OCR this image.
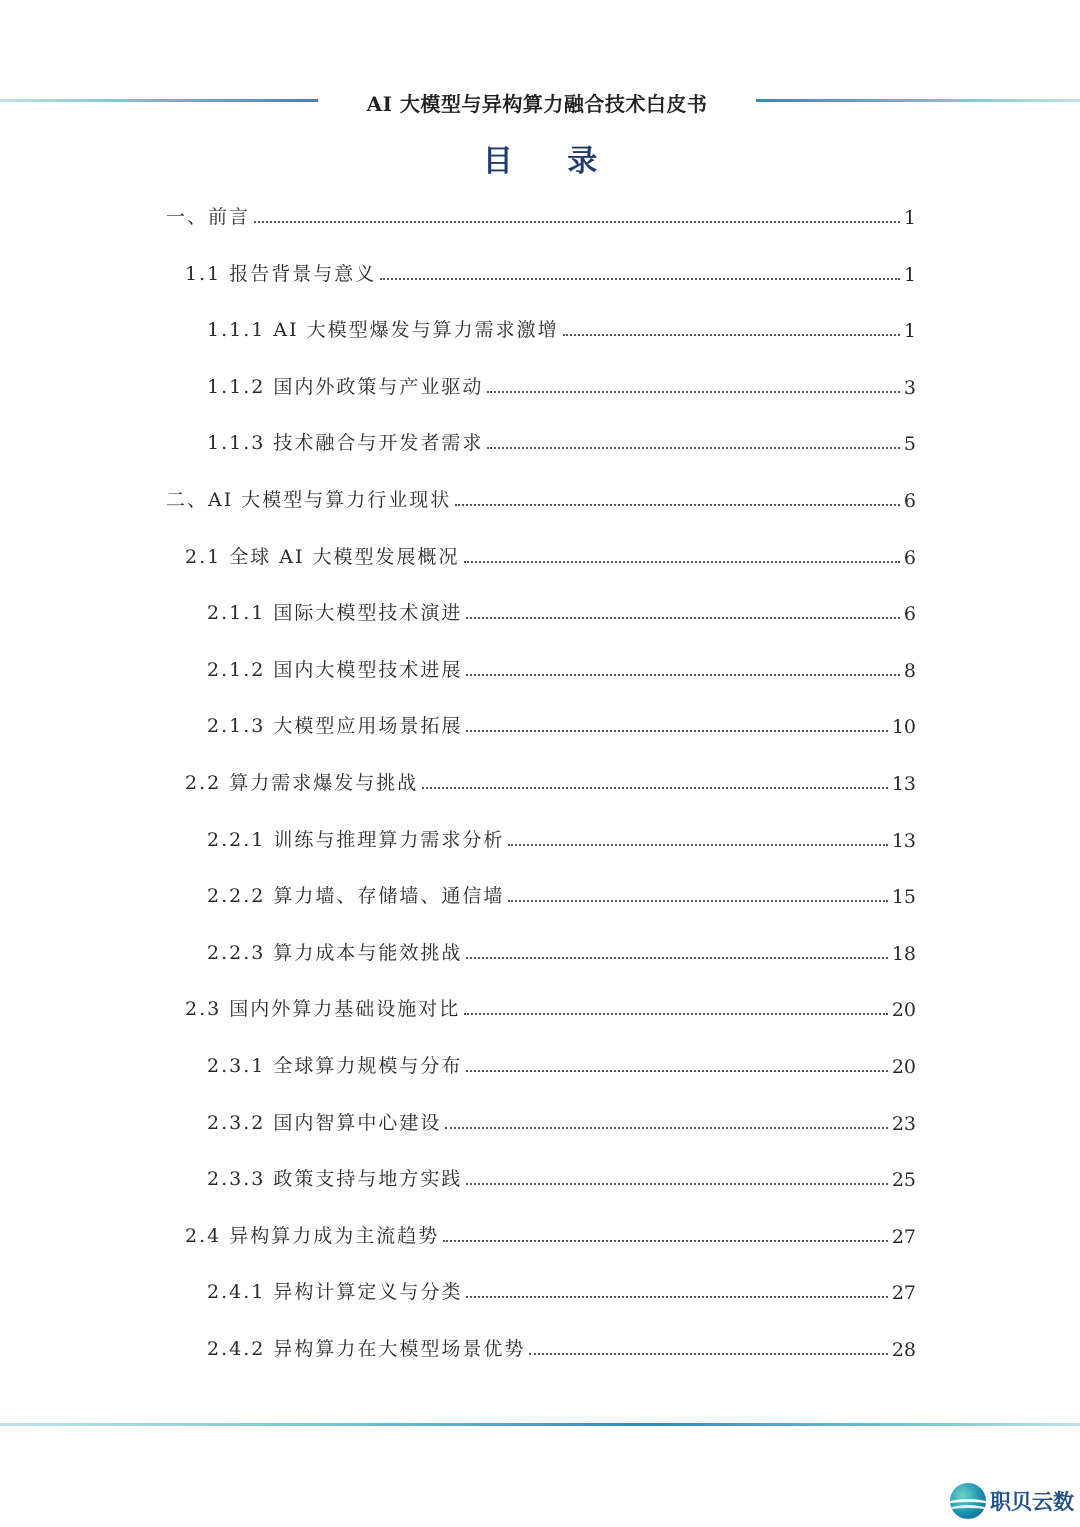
AI 大模型与异构算力融合技术白皮书
目 录
一、前言	1
1.1 报告背景与意义	1
1.1.1 AI 大模型爆发与算力需求激增	1
1.1.2 国内外政策与产业驱动	3
1.1.3 技术融合与开发者需求	5
二、AI 大模型与算力行业现状	6
2.1 全球 AI 大模型发展概况	6
2.1.1 国际大模型技术演进	6
2.1.2 国内大模型技术进展	8
2.1.3 大模型应用场景拓展	10
2.2 算力需求爆发与挑战	13
2.2.1 训练与推理算力需求分析	13
2.2.2 算力墙、存储墙、通信墙	15
2.2.3 算力成本与能效挑战	18
2.3 国内外算力基础设施对比	20
2.3.1 全球算力规模与分布	20
2.3.2 国内智算中心建设	23
2.3.3 政策支持与地方实践	25
2.4 异构算力成为主流趋势	27
2.4.1 异构计算定义与分类	27
2.4.2 异构算力在大模型场景优势	28
职贝云数
